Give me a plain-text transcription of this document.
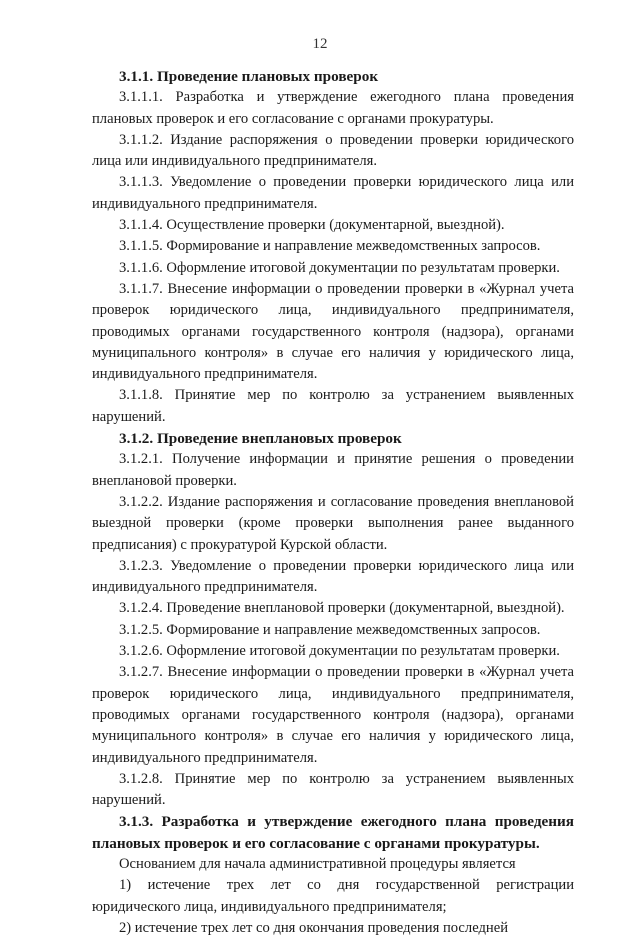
12
3.1.1. Проведение плановых проверок
3.1.1.1. Разработка и утверждение ежегодного плана проведения плановых проверок и его согласование с органами прокуратуры.
3.1.1.2. Издание распоряжения о проведении проверки юридического лица или индивидуального предпринимателя.
3.1.1.3. Уведомление о проведении проверки юридического лица или индивидуального предпринимателя.
3.1.1.4. Осуществление проверки (документарной, выездной).
3.1.1.5. Формирование и направление межведомственных запросов.
3.1.1.6. Оформление итоговой документации по результатам проверки.
3.1.1.7. Внесение информации о проведении проверки в «Журнал учета проверок юридического лица, индивидуального предпринимателя, проводимых органами государственного контроля (надзора), органами муниципального контроля» в случае его наличия у юридического лица, индивидуального предпринимателя.
3.1.1.8. Принятие мер по контролю за устранением выявленных нарушений.
3.1.2. Проведение внеплановых проверок
3.1.2.1. Получение информации и принятие решения о проведении внеплановой проверки.
3.1.2.2. Издание распоряжения и согласование проведения внеплановой выездной проверки (кроме проверки выполнения ранее выданного предписания) с прокуратурой Курской области.
3.1.2.3. Уведомление о проведении проверки юридического лица или индивидуального предпринимателя.
3.1.2.4. Проведение внеплановой проверки (документарной, выездной).
3.1.2.5. Формирование и направление межведомственных запросов.
3.1.2.6. Оформление итоговой документации по результатам проверки.
3.1.2.7. Внесение информации о проведении проверки в «Журнал учета проверок юридического лица, индивидуального предпринимателя, проводимых органами государственного контроля (надзора), органами муниципального контроля» в случае его наличия у юридического лица, индивидуального предпринимателя.
3.1.2.8. Принятие мер по контролю за устранением выявленных нарушений.
3.1.3. Разработка и утверждение ежегодного плана проведения плановых проверок и его согласование с органами прокуратуры.
Основанием для начала административной процедуры является
1) истечение трех лет со дня государственной регистрации юридического лица, индивидуального предпринимателя;
2) истечение трех лет со дня окончания проведения последней
